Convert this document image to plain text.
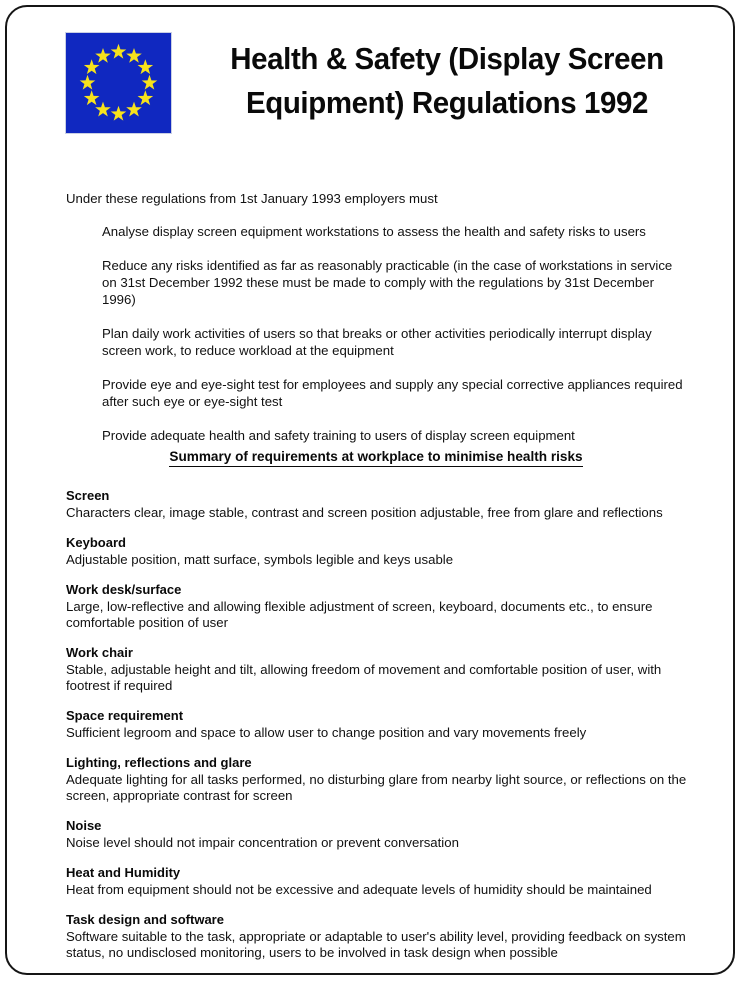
Health & Safety (Display Screen
Equipment) Regulations 1992

Under these regulations from 1st January 1993 employers must

Analyse display screen equipment workstations to assess the health and safety risks to users

Reduce any risks identified as far as reasonably practicable (in the case of workstations in service on 31st December 1992 these must be made to comply with the regulations by 31st December 1996)

Plan daily work activities of users so that breaks or other activities periodically interrupt display screen work, to reduce workload at the equipment

Provide eye and eye-sight test for employees and supply any special corrective appliances required after such eye or eye-sight test

Provide adequate health and safety training to users of display screen equipment

Summary of requirements at workplace to minimise health risks

Screen

Characters clear, image stable, contrast and screen position adjustable, free from glare and reflections

Keyboard

Adjustable position, matt surface, symbols legible and keys usable

Work desk/surface

Large, low-reflective and allowing flexible adjustment of screen, keyboard, documents etc., to ensure comfortable position of user

Work chair

Stable, adjustable height and tilt, allowing freedom of movement and comfortable position of user, with footrest if required

Space requirement

Sufficient legroom and space to allow user to change position and vary movements freely

Lighting, reflections and glare

Adequate lighting for all tasks performed, no disturbing glare from nearby light source, or reflections on the screen, appropriate contrast for screen

Noise

Noise level should not impair concentration or prevent conversation

Heat and Humidity

Heat from equipment should not be excessive and adequate levels of humidity should be maintained

Task design and software

Software suitable to the task, appropriate or adaptable to user's ability level, providing feedback on system status, no undisclosed monitoring, users to be involved in task design when possible
